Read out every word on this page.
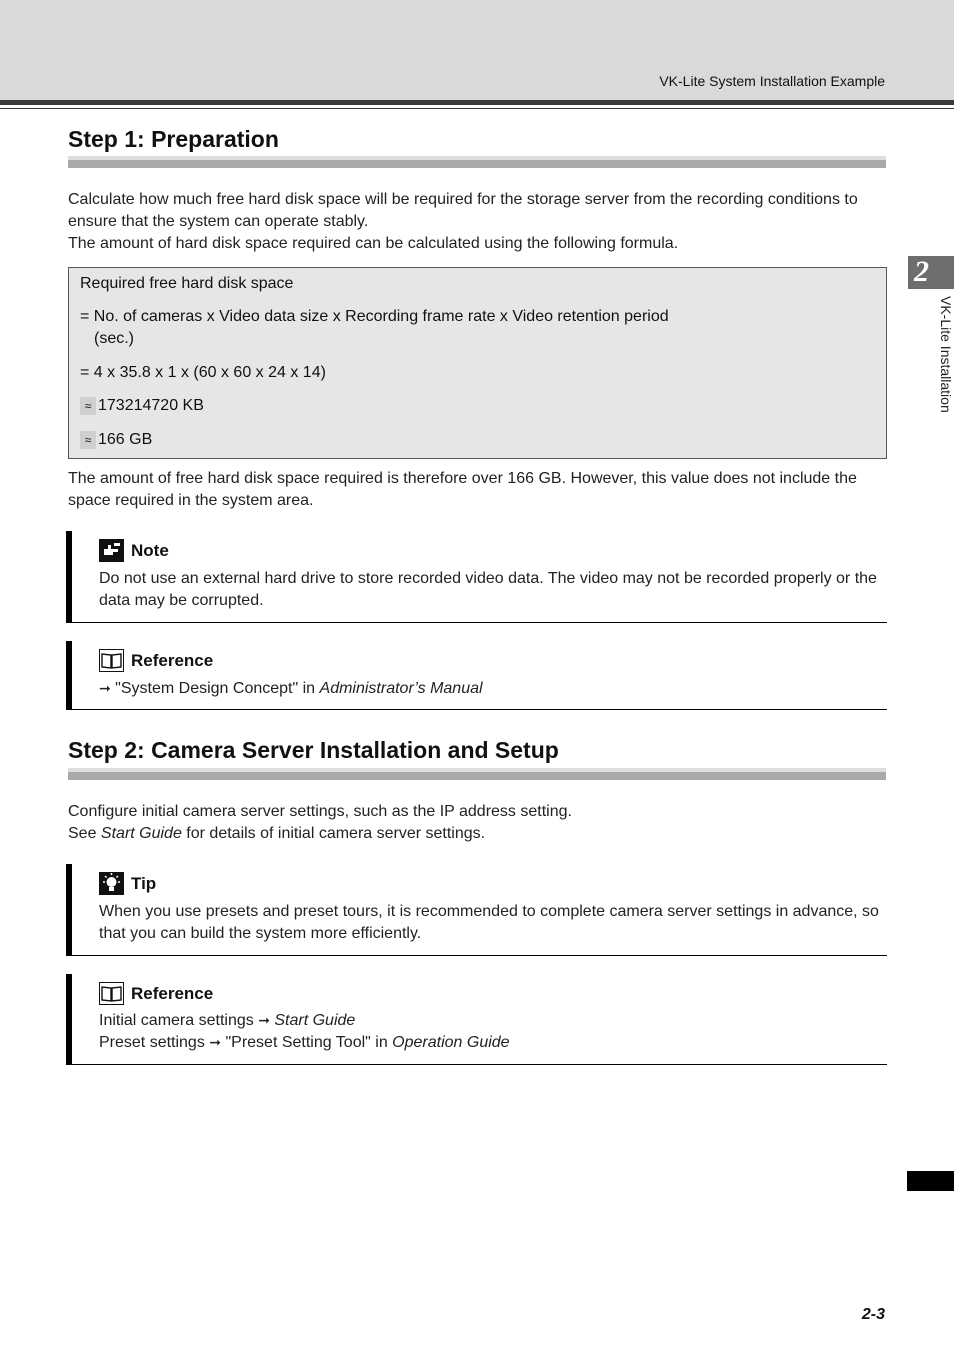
VK-Lite System Installation Example
2
VK-Lite Installation
Step 1: Preparation

Calculate how much free hard disk space will be required for the storage server from the recording conditions to ensure that the system can operate stably.

The amount of hard disk space required can be calculated using the following formula.

Required free hard disk space
= No. of cameras x Video data size x Recording frame rate x Video retention period
(sec.)
= 4 x 35.8 x 1 x (60 x 60 x 24 x 14)
≈ 173214720 KB
≈ 166 GB

The amount of free hard disk space required is therefore over 166 GB. However, this value does not include the space required in the system area.

Note
Do not use an external hard drive to store recorded video data. The video may not be recorded properly or the data may be corrupted.
Reference
➞ "System Design Concept" in Administrator’s Manual
Step 2: Camera Server Installation and Setup

Configure initial camera server settings, such as the IP address setting.

See Start Guide for details of initial camera server settings.

Tip
When you use presets and preset tours, it is recommended to complete camera server settings in advance, so that you can build the system more efficiently.
Reference
Initial camera settings ➞ Start Guide
Preset settings ➞ "Preset Setting Tool" in Operation Guide
2-3
